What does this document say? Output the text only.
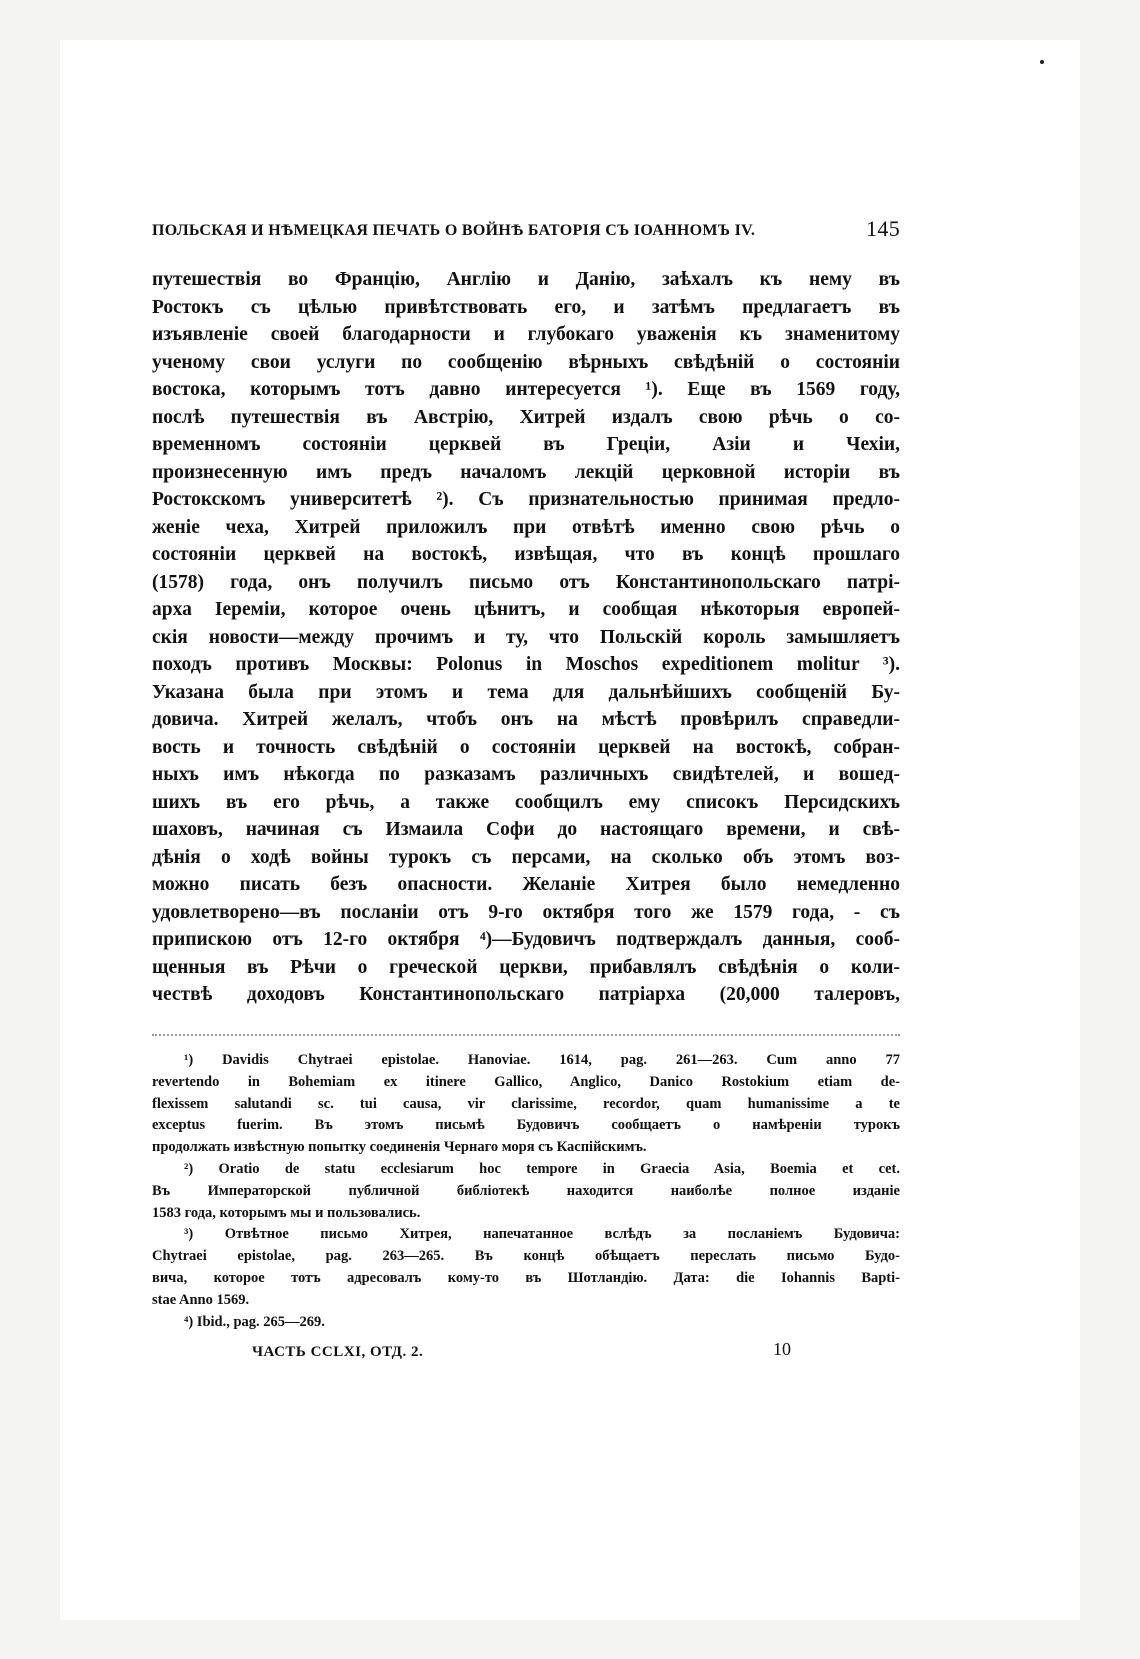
ПОЛЬСКАЯ И НѢМЕЦКАЯ ПЕЧАТЬ О ВОЙНѢ БАТОРІЯ СЪ ІОАННОМЪ IV.	145
путешествія во Францію, Англію и Данію, заѣхалъ къ нему въ
Ростокъ съ цѣлью привѣтствовать его, и затѣмъ предлагаетъ въ
изъявленіе своей благодарности и глубокаго уваженія къ знаменитому
ученому свои услуги по сообщенію вѣрныхъ свѣдѣній о состояніи
востока, которымъ тотъ давно интересуется ¹). Еще въ 1569 году,
послѣ путешествія въ Австрію, Хитрей издалъ свою рѣчь о со-
временномъ состояніи церквей въ Греціи, Азіи и Чехіи,
произнесенную имъ предъ началомъ лекцій церковной исторіи въ
Ростокскомъ университетѣ ²). Съ признательностью принимая предло-
женіе чеха, Хитрей приложилъ при отвѣтѣ именно свою рѣчь о
состояніи церквей на востокѣ, извѣщая, что въ концѣ прошлаго
(1578) года, онъ получилъ письмо отъ Константинопольскаго патрі-
арха Іереміи, которое очень цѣнитъ, и сообщая нѣкоторыя европей-
скія новости—между прочимъ и ту, что Польскій король замышляетъ
походъ противъ Москвы: Polonus in Moschos expeditionem molitur ³).
Указана была при этомъ и тема для дальнѣйшихъ сообщеній Бу-
довича. Хитрей желалъ, чтобъ онъ на мѣстѣ провѣрилъ справедли-
вость и точность свѣдѣній о состояніи церквей на востокѣ, собран-
ныхъ имъ нѣкогда по разказамъ различныхъ свидѣтелей, и вошед-
шихъ въ его рѣчь, а также сообщилъ ему списокъ Персидскихъ
шаховъ, начиная съ Измаила Софи до настоящаго времени, и свѣ-
дѣнія о ходѣ войны турокъ съ персами, на сколько объ этомъ воз-
можно писать безъ опасности. Желаніе Хитрея было немедленно
удовлетворено—въ посланіи отъ 9-го октября того же 1579 года, - съ
припискою отъ 12-го октября ⁴)—Будовичъ подтверждалъ данныя, сооб-
щенныя въ Рѣчи о греческой церкви, прибавлялъ свѣдѣнія о коли-
чествѣ доходовъ Константинопольскаго патріарха (20,000 талеровъ,
¹) Davidis Chytraei epistolae. Hanoviae. 1614, pag. 261—263. Cum anno 77
revertendo in Bohemiam ex itinere Gallico, Anglico, Danico Rostokium etiam de-
flexissem salutandi sc. tui causa, vir clarissime, recordor, quam humanissime a te
exceptus fuerim. Въ этомъ письмѣ Будовичъ сообщаетъ о намѣреніи турокъ
продолжать извѣстную попытку соединенія Чернаго моря съ Каспійскимъ.
²) Oratio de statu ecclesiarum hoc tempore in Graecia Asia, Boemia et cet.
Въ Императорской публичной библіотекѣ находится наиболѣе полное изданіе
1583 года, которымъ мы и пользовались.
³) Отвѣтное письмо Хитрея, напечатанное вслѣдъ за посланіемъ Будовича:
Chytraei epistolae, pag. 263—265. Въ концѣ обѣщаетъ переслать письмо Будо-
вича, которое тотъ адресовалъ кому-то въ Шотландію. Дата: die Iohannis Bapti-
stae Anno 1569.
⁴) Ibid., pag. 265—269.
ЧАСТЬ CCLXI, ОТД. 2.	10
